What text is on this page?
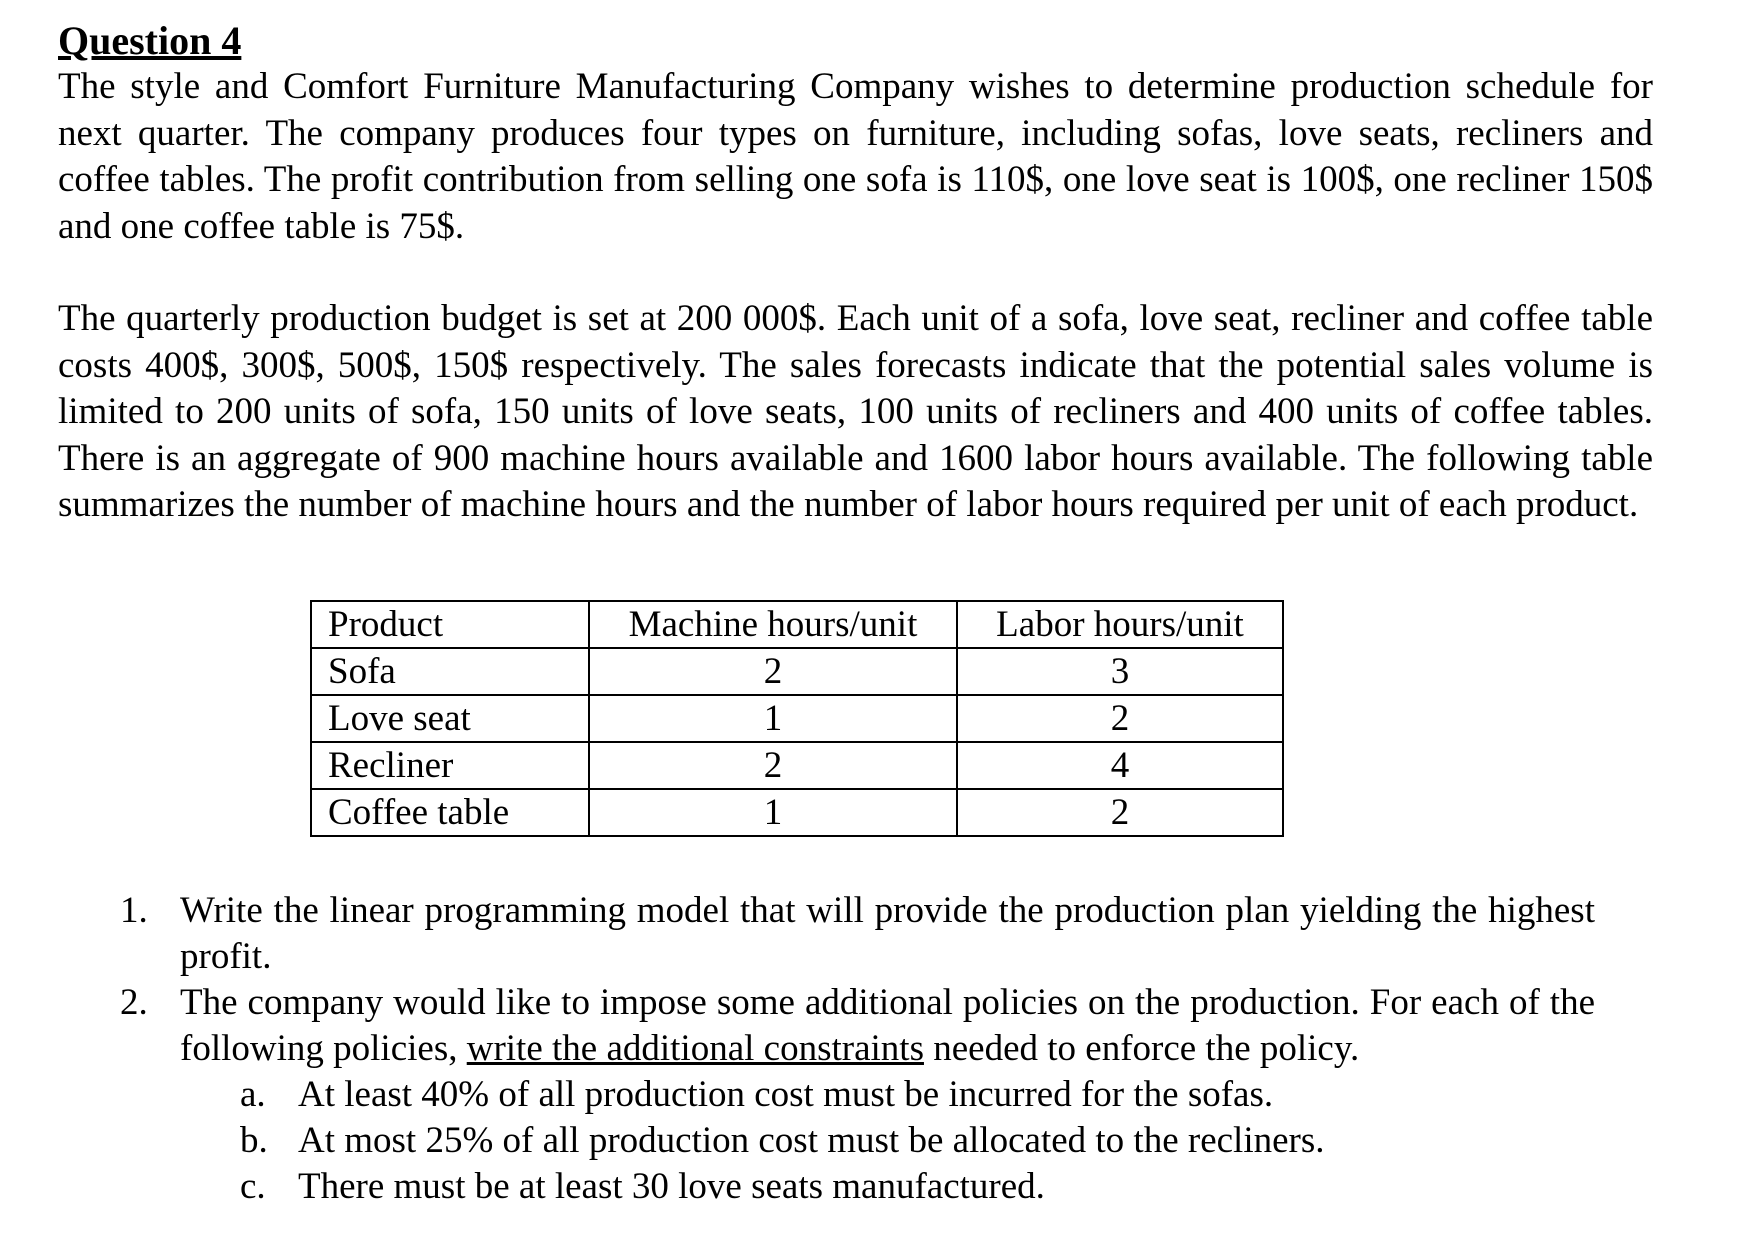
Question 4

The style and Comfort Furniture Manufacturing Company wishes to determine production schedule for next quarter. The company produces four types on furniture, including sofas, love seats, recliners and coffee tables. The profit contribution from selling one sofa is 110$, one love seat is 100$, one recliner 150$ and one coffee table is 75$.

The quarterly production budget is set at 200 000$. Each unit of a sofa, love seat, recliner and coffee table costs 400$, 300$, 500$, 150$ respectively. The sales forecasts indicate that the potential sales volume is limited to 200 units of sofa, 150 units of love seats, 100 units of recliners and 400 units of coffee tables. There is an aggregate of 900 machine hours available and 1600 labor hours available. The following table summarizes the number of machine hours and the number of labor hours required per unit of each product.

Product	Machine hours/unit	Labor hours/unit
Sofa	2	3
Love seat	1	2
Recliner	2	4
Coffee table	1	2
1. Write the linear programming model that will provide the production plan yielding the highest profit.
2. The company would like to impose some additional policies on the production. For each of the following policies, write the additional constraints needed to enforce the policy.
a. At least 40% of all production cost must be incurred for the sofas.
b. At most 25% of all production cost must be allocated to the recliners.
c. There must be at least 30 love seats manufactured.
